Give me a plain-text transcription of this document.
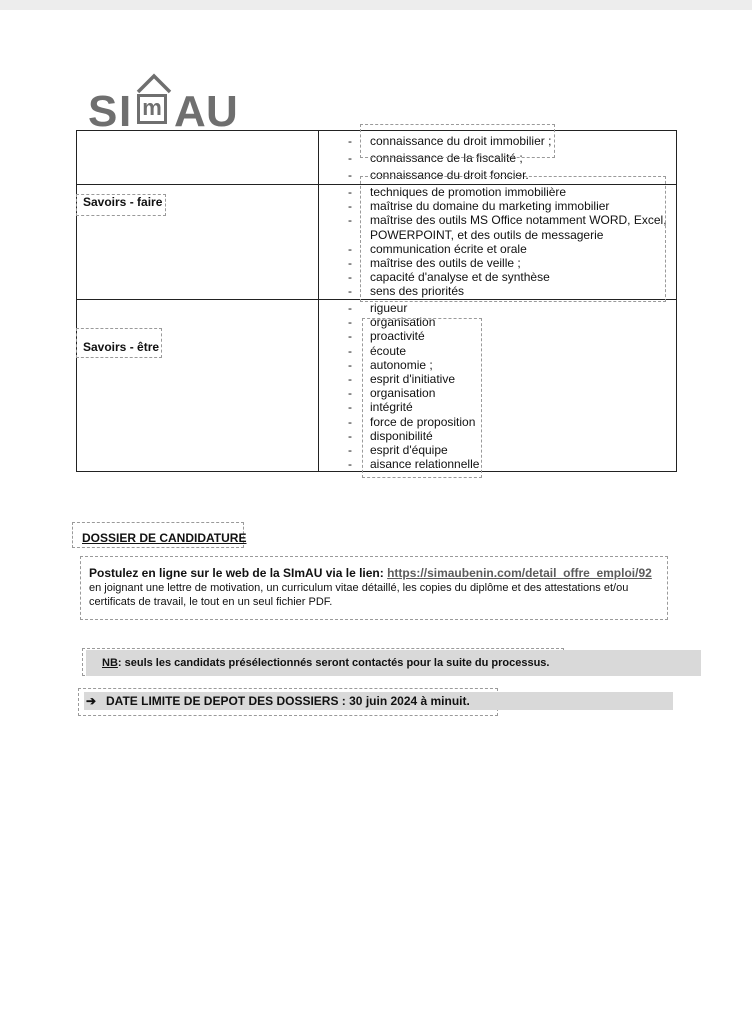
S I m A U
- connaissance du droit immobilier ;
- connaissance de la fiscalité ;
- connaissance du droit foncier.
Savoirs - faire
- techniques de promotion immobilière
- maîtrise du domaine du marketing immobilier
- maîtrise des outils MS Office notamment WORD, Excel,
POWERPOINT, et des outils de messagerie
- communication écrite et orale
- maîtrise des outils de veille ;
- capacité d'analyse et de synthèse
- sens des priorités
Savoirs - être
- rigueur
- organisation
- proactivité
- écoute
- autonomie ;
- esprit d'initiative
- organisation
- intégrité
- force de proposition
- disponibilité
- esprit d'équipe
- aisance relationnelle
DOSSIER DE CANDIDATURE
Postulez en ligne sur le web de la SImAU via le lien: https://simaubenin.com/detail_offre_emploi/92 en joignant une lettre de motivation, un curriculum vitae détaillé, les copies du diplôme et des attestations et/ou certificats de travail, le tout en un seul fichier PDF.
NB: seuls les candidats présélectionnés seront contactés pour la suite du processus.
➔ DATE LIMITE DE DEPOT DES DOSSIERS : 30 juin 2024 à minuit.
